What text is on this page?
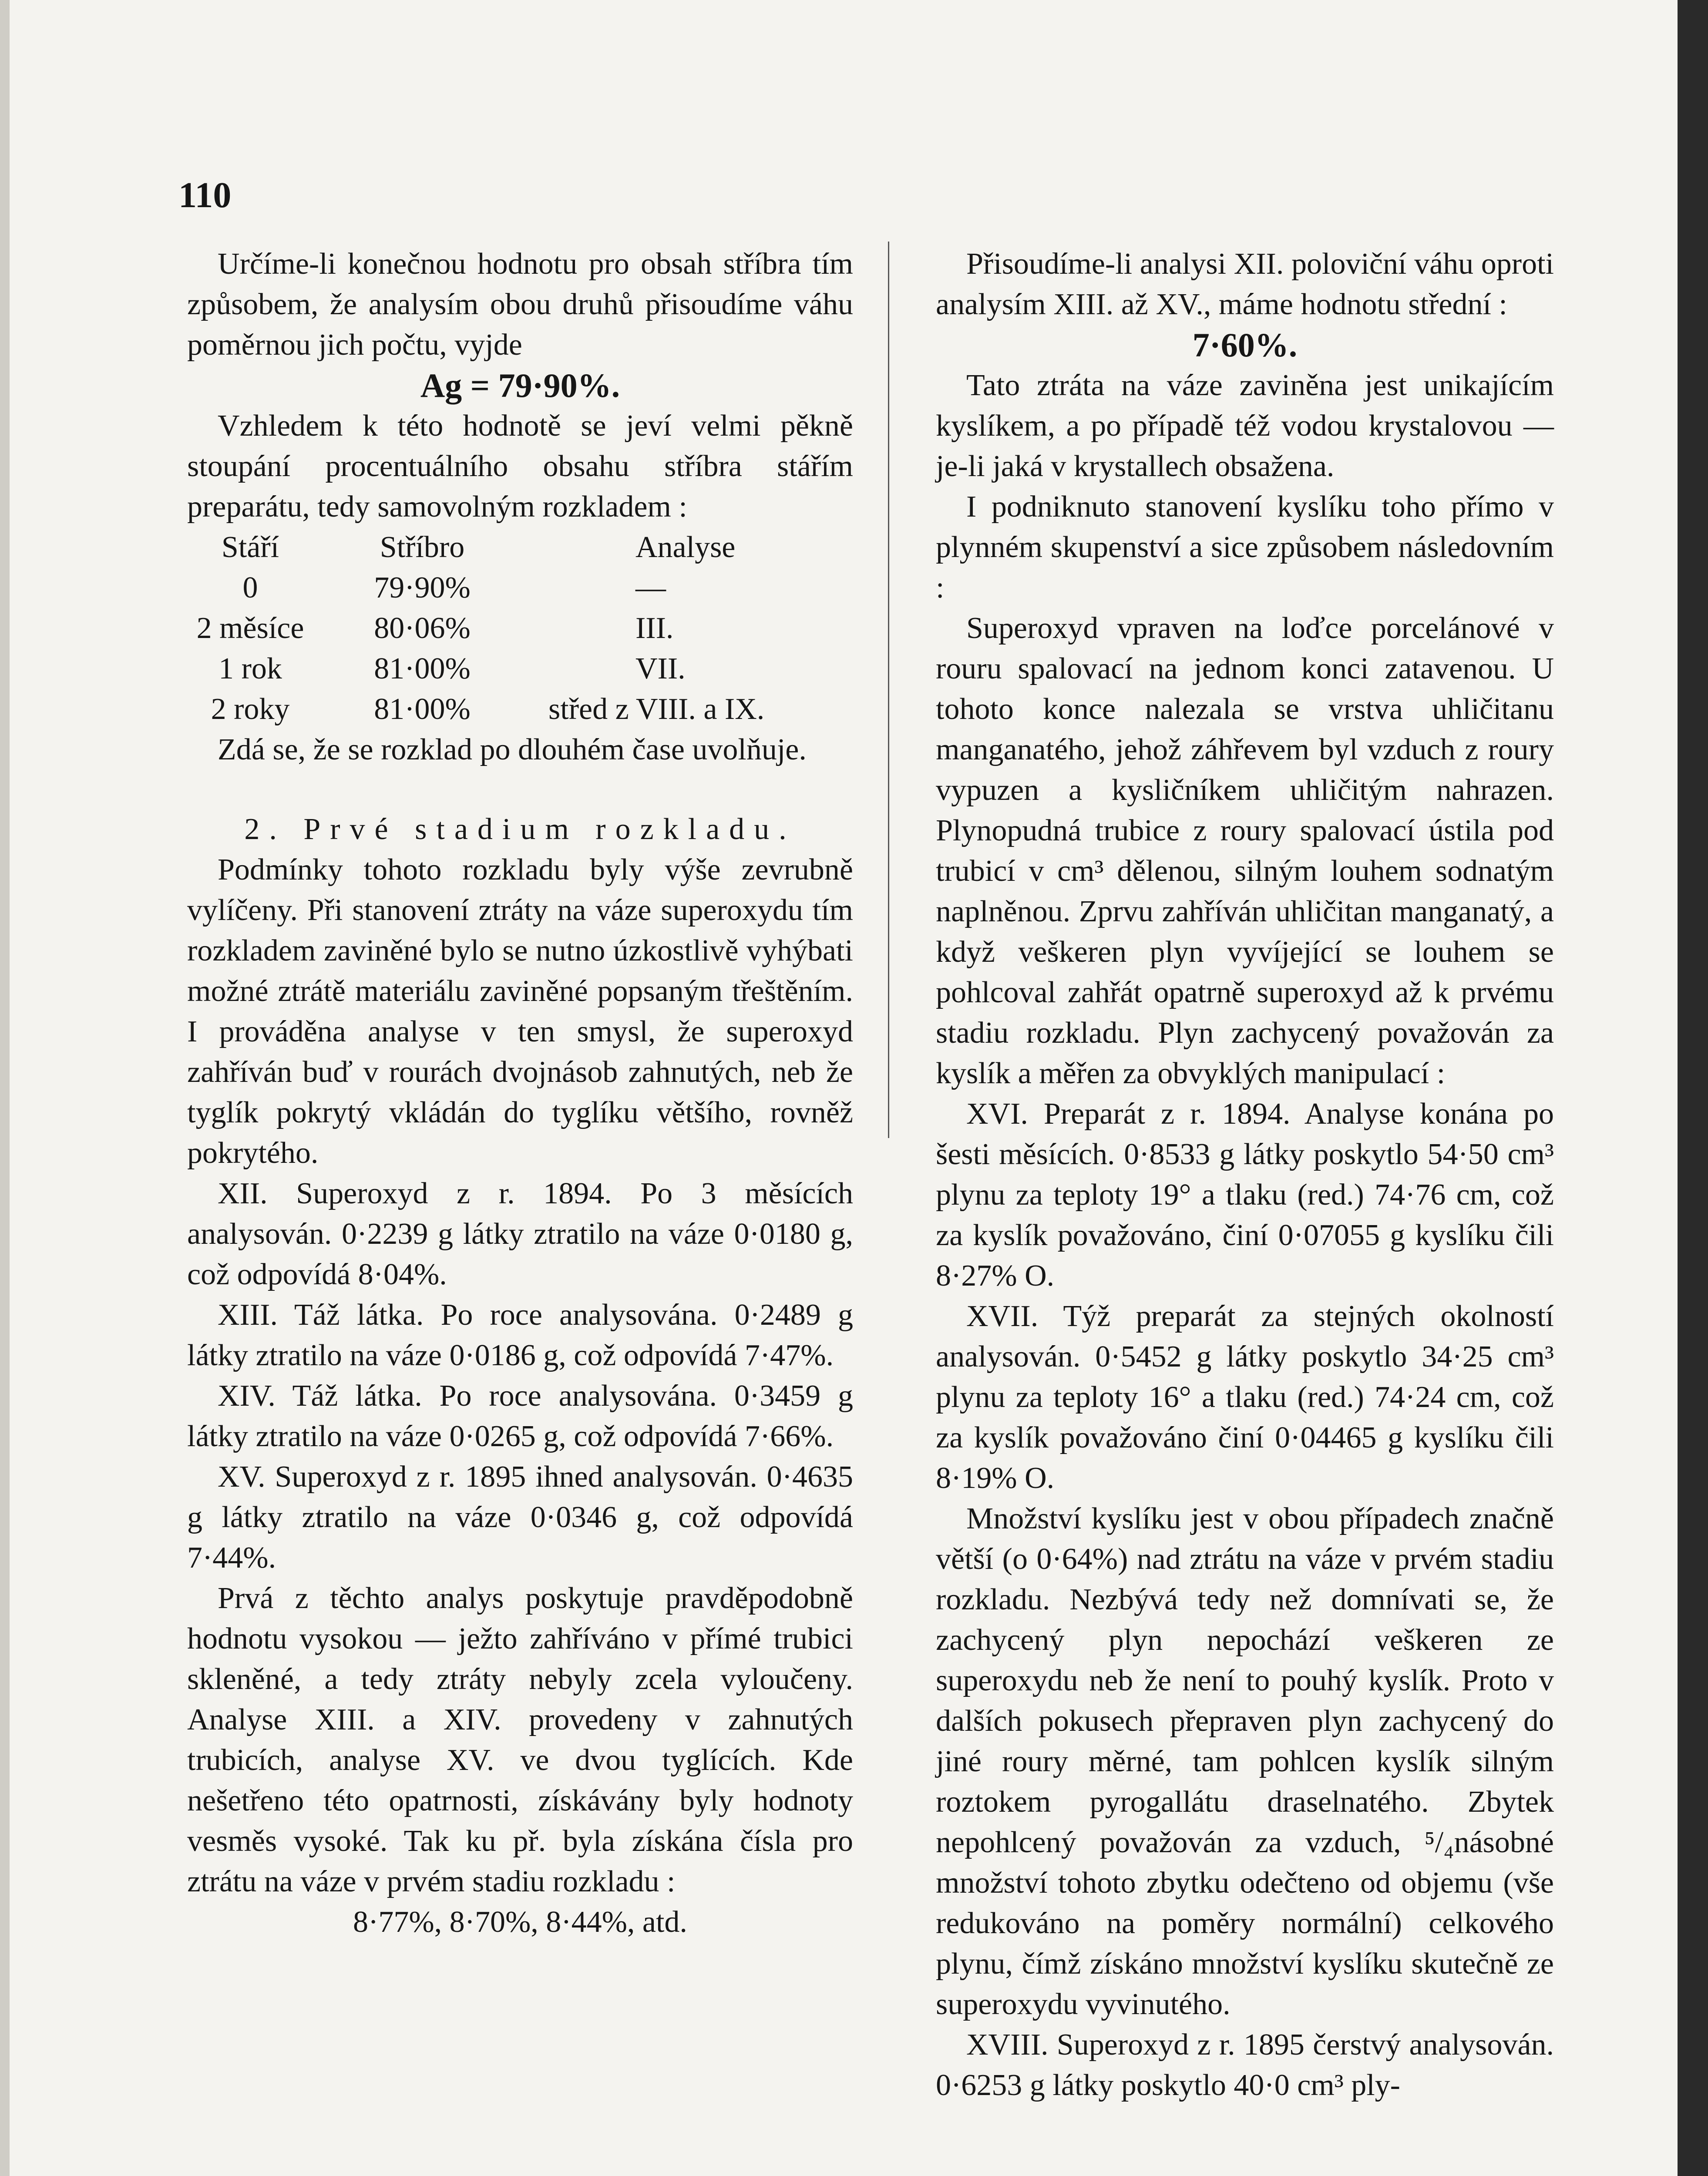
110

Určíme-li konečnou hodnotu pro obsah stříbra tím způsobem, že analysím obou druhů přisoudíme váhu poměrnou jich počtu, vyjde

Ag = 79·90%.

Vzhledem k této hodnotě se jeví velmi pěkně stoupání procentuálního obsahu stříbra stářím preparátu, tedy samovolným rozkladem :

Stáří	Stříbro	Analyse
0	79·90%	—
2 měsíce	80·06%	III.
1 rok	81·00%	VII.
2 roky	81·00%	střed z VIII. a IX.

Zdá se, že se rozklad po dlouhém čase uvolňuje.

2. Prvé stadium rozkladu.

Podmínky tohoto rozkladu byly výše zevrubně vylíčeny. Při stanovení ztráty na váze superoxydu tím rozkladem zaviněné bylo se nutno úzkostlivě vyhýbati možné ztrátě materiálu zaviněné popsaným třeštěním. I prováděna analyse v ten smysl, že superoxyd zahříván buď v rourách dvojnásob zahnutých, neb že tyglík pokrytý vkládán do tyglíku většího, rovněž pokrytého.

XII. Superoxyd z r. 1894. Po 3 měsících analysován. 0·2239 g látky ztratilo na váze 0·0180 g, což odpovídá 8·04%.

XIII. Táž látka. Po roce analysována. 0·2489 g látky ztratilo na váze 0·0186 g, což odpovídá 7·47%.

XIV. Táž látka. Po roce analysována. 0·3459 g látky ztratilo na váze 0·0265 g, což odpovídá 7·66%.

XV. Superoxyd z r. 1895 ihned analysován. 0·4635 g látky ztratilo na váze 0·0346 g, což odpovídá 7·44%.

Prvá z těchto analys poskytuje pravděpodobně hodnotu vysokou — ježto zahříváno v přímé trubici skleněné, a tedy ztráty nebyly zcela vyloučeny. Analyse XIII. a XIV. provedeny v zahnutých trubicích, analyse XV. ve dvou tyglících. Kde nešetřeno této opatrnosti, získávány byly hodnoty vesměs vysoké. Tak ku př. byla získána čísla pro ztrátu na váze v prvém stadiu rozkladu :

8·77%, 8·70%, 8·44%, atd.

Přisoudíme-li analysi XII. poloviční váhu oproti analysím XIII. až XV., máme hodnotu střední :

7·60%.

Tato ztráta na váze zaviněna jest unikajícím kyslíkem, a po případě též vodou krystalovou — je-li jaká v krystallech obsažena.

I podniknuto stanovení kyslíku toho přímo v plynném skupenství a sice způsobem následovním :

Superoxyd vpraven na loďce porcelánové v rouru spalovací na jednom konci zatavenou. U tohoto konce nalezala se vrstva uhličitanu manganatého, jehož záhřevem byl vzduch z roury vypuzen a kysličníkem uhličitým nahrazen. Plynopudná trubice z roury spalovací ústila pod trubicí v cm³ dělenou, silným louhem sodnatým naplněnou. Zprvu zahříván uhličitan manganatý, a když veškeren plyn vyvíjející se louhem se pohlcoval zahřát opatrně superoxyd až k prvému stadiu rozkladu. Plyn zachycený považován za kyslík a měřen za obvyklých manipulací :

XVI. Preparát z r. 1894. Analyse konána po šesti měsících. 0·8533 g látky poskytlo 54·50 cm³ plynu za teploty 19° a tlaku (red.) 74·76 cm, což za kyslík považováno, činí 0·07055 g kyslíku čili 8·27% O.

XVII. Týž preparát za stejných okolností analysován. 0·5452 g látky poskytlo 34·25 cm³ plynu za teploty 16° a tlaku (red.) 74·24 cm, což za kyslík považováno činí 0·04465 g kyslíku čili 8·19% O.

Množství kyslíku jest v obou případech značně větší (o 0·64%) nad ztrátu na váze v prvém stadiu rozkladu. Nezbývá tedy než domnívati se, že zachycený plyn nepochází veškeren ze superoxydu neb že není to pouhý kyslík. Proto v dalších pokusech přepraven plyn zachycený do jiné roury měrné, tam pohlcen kyslík silným roztokem pyrogallátu draselnatého. Zbytek nepohlcený považován za vzduch, ⁵/₄násobné množství tohoto zbytku odečteno od objemu (vše redukováno na poměry normální) celkového plynu, čímž získáno množství kyslíku skutečně ze superoxydu vyvinutého.

XVIII. Superoxyd z r. 1895 čerstvý analysován. 0·6253 g látky poskytlo 40·0 cm³ ply-
